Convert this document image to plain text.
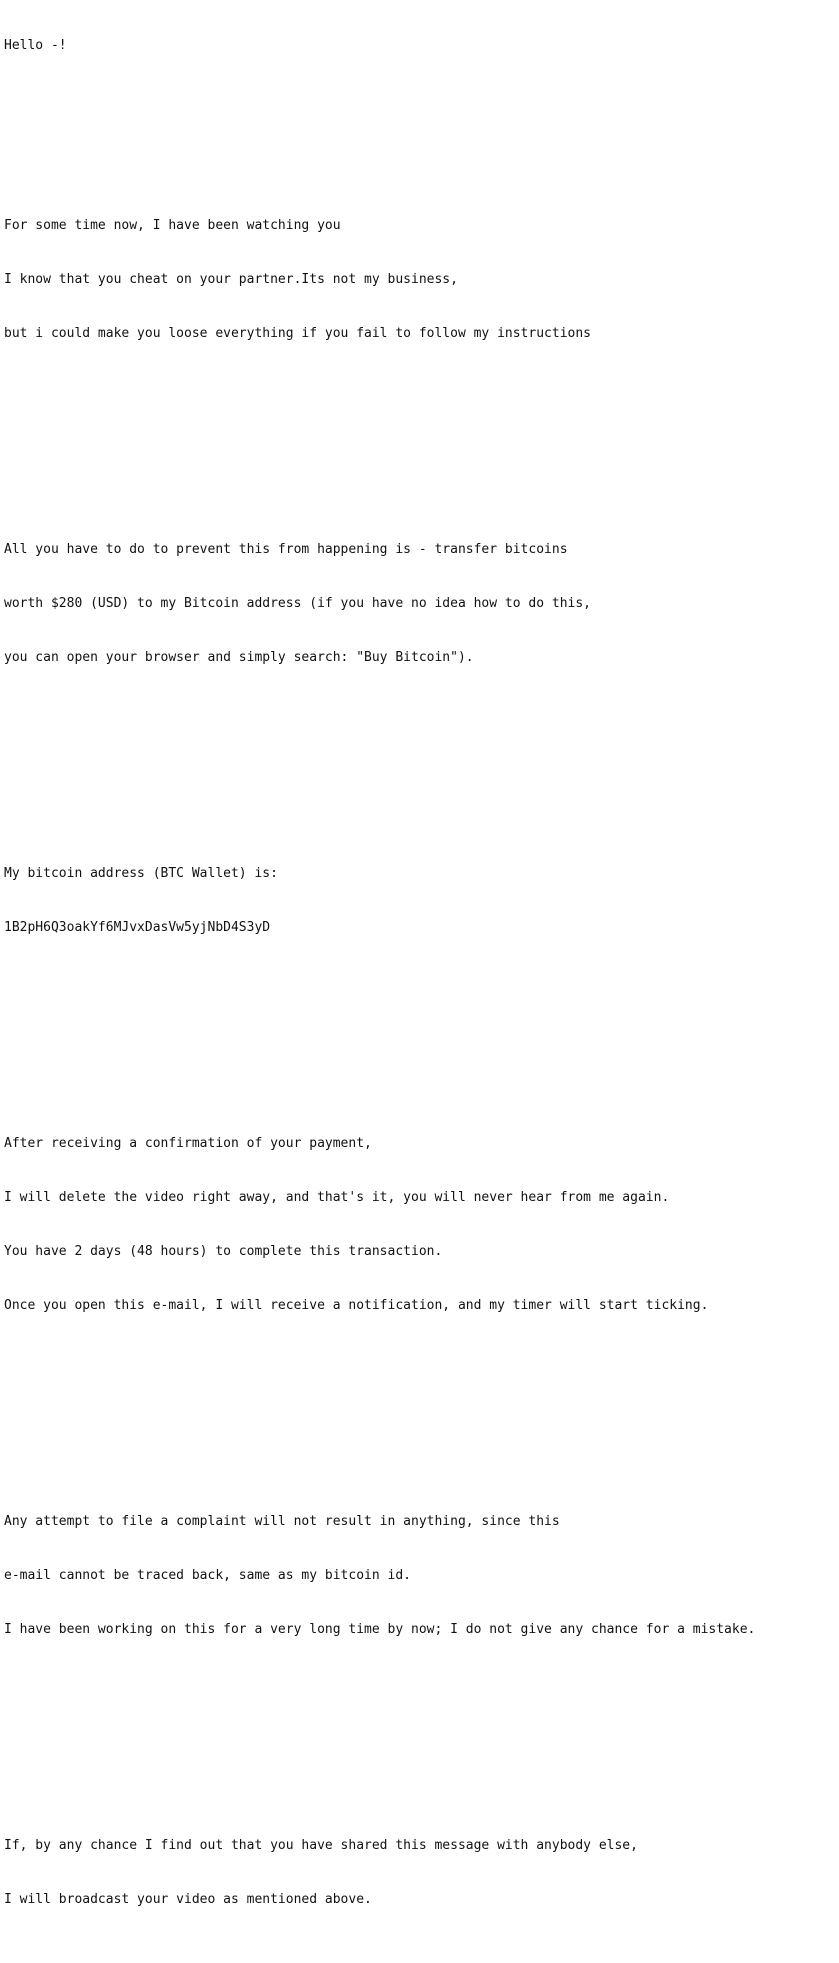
Hello -!

For some time now, I have been watching you

I know that you cheat on your partner.Its not my business,

but i could make you loose everything if you fail to follow my instructions

All you have to do to prevent this from happening is - transfer bitcoins

worth $280 (USD) to my Bitcoin address (if you have no idea how to do this,

you can open your browser and simply search: "Buy Bitcoin").

My bitcoin address (BTC Wallet) is:

1B2pH6Q3oakYf6MJvxDasVw5yjNbD4S3yD

After receiving a confirmation of your payment,

I will delete the video right away, and that's it, you will never hear from me again.

You have 2 days (48 hours) to complete this transaction.

Once you open this e-mail, I will receive a notification, and my timer will start ticking.

Any attempt to file a complaint will not result in anything, since this

e-mail cannot be traced back, same as my bitcoin id.

I have been working on this for a very long time by now; I do not give any chance for a mistake.

If, by any chance I find out that you have shared this message with anybody else,

I will broadcast your video as mentioned above.
